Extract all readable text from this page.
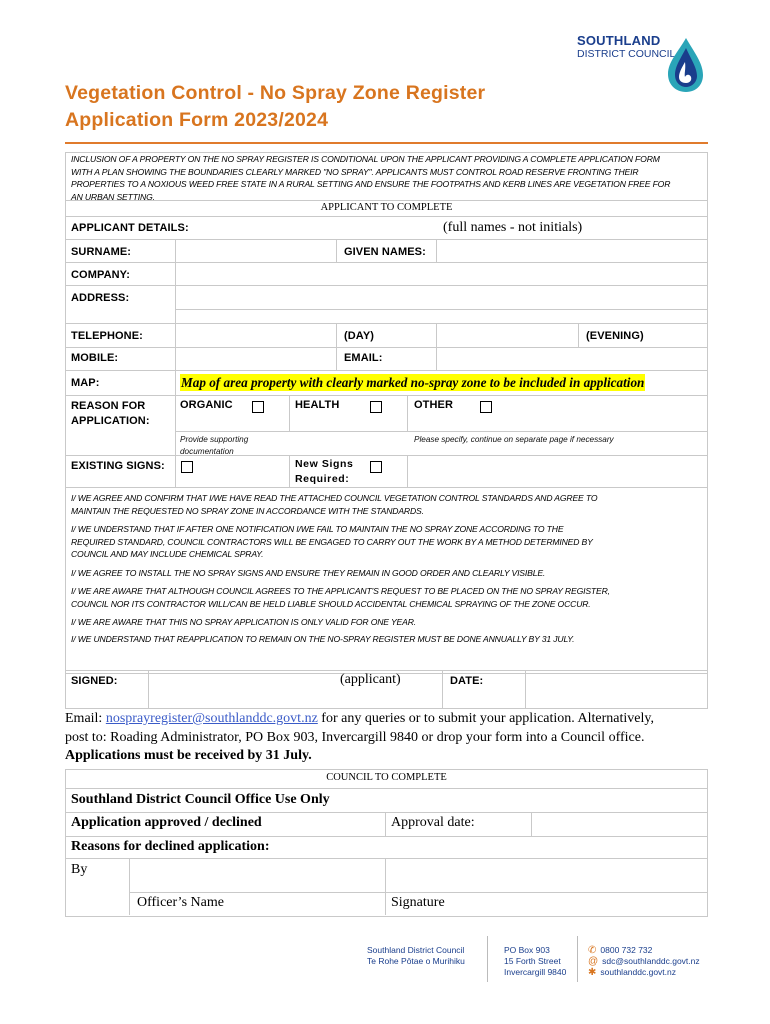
SOUTHLAND
DISTRICT COUNCIL
Vegetation Control - No Spray Zone Register
Application Form 2023/2024
INCLUSION OF A PROPERTY ON THE NO SPRAY REGISTER IS CONDITIONAL UPON THE APPLICANT PROVIDING A COMPLETE APPLICATION FORM
WITH A PLAN SHOWING THE BOUNDARIES CLEARLY MARKED "NO SPRAY". APPLICANTS MUST CONTROL ROAD RESERVE FRONTING THEIR
PROPERTIES TO A NOXIOUS WEED FREE STATE IN A RURAL SETTING AND ENSURE THE FOOTPATHS AND KERB LINES ARE VEGETATION FREE FOR
AN URBAN SETTING.
APPLICANT TO COMPLETE
APPLICANT DETAILS:	(full names - not initials)
SURNAME:	GIVEN NAMES:
COMPANY:
ADDRESS:
TELEPHONE:	(DAY)	(EVENING)
MOBILE:	EMAIL:
MAP:	Map of area property with clearly marked no-spray zone to be included in application
REASON FOR
APPLICATION:
ORGANIC	HEALTH	OTHER
Provide supporting
documentation
Please specify, continue on separate page if necessary
EXISTING SIGNS:	New Signs
Required:
I/ WE AGREE AND CONFIRM THAT I/WE HAVE READ THE ATTACHED COUNCIL VEGETATION CONTROL STANDARDS AND AGREE TO
MAINTAIN THE REQUESTED NO SPRAY ZONE IN ACCORDANCE WITH THE STANDARDS.
I/ WE UNDERSTAND THAT IF AFTER ONE NOTIFICATION I/WE FAIL TO MAINTAIN THE NO SPRAY ZONE ACCORDING TO THE
REQUIRED STANDARD, COUNCIL CONTRACTORS WILL BE ENGAGED TO CARRY OUT THE WORK BY A METHOD DETERMINED BY
COUNCIL AND MAY INCLUDE CHEMICAL SPRAY.
I/ WE AGREE TO INSTALL THE NO SPRAY SIGNS AND ENSURE THEY REMAIN IN GOOD ORDER AND CLEARLY VISIBLE.
I/ WE ARE AWARE THAT ALTHOUGH COUNCIL AGREES TO THE APPLICANT'S REQUEST TO BE PLACED ON THE NO SPRAY REGISTER,
COUNCIL NOR ITS CONTRACTOR WILL/CAN BE HELD LIABLE SHOULD ACCIDENTAL CHEMICAL SPRAYING OF THE ZONE OCCUR.
I/ WE ARE AWARE THAT THIS NO SPRAY APPLICATION IS ONLY VALID FOR ONE YEAR.
I/ WE UNDERSTAND THAT REAPPLICATION TO REMAIN ON THE NO-SPRAY REGISTER MUST BE DONE ANNUALLY BY 31 JULY.
SIGNED:	(applicant)	DATE:
Email: nosprayregister@southlanddc.govt.nz for any queries or to submit your application. Alternatively,
post to: Roading Administrator, PO Box 903, Invercargill 9840 or drop your form into a Council office.
Applications must be received by 31 July.
COUNCIL TO COMPLETE
Southland District Council Office Use Only
Application approved / declined	Approval date:
Reasons for declined application:
By
Officer’s Name	Signature
Southland District Council
Te Rohe Pōtae o Murihiku
PO Box 903
15 Forth Street
Invercargill 9840
✆ 0800 732 732
@ sdc@southlanddc.govt.nz
✱ southlanddc.govt.nz
